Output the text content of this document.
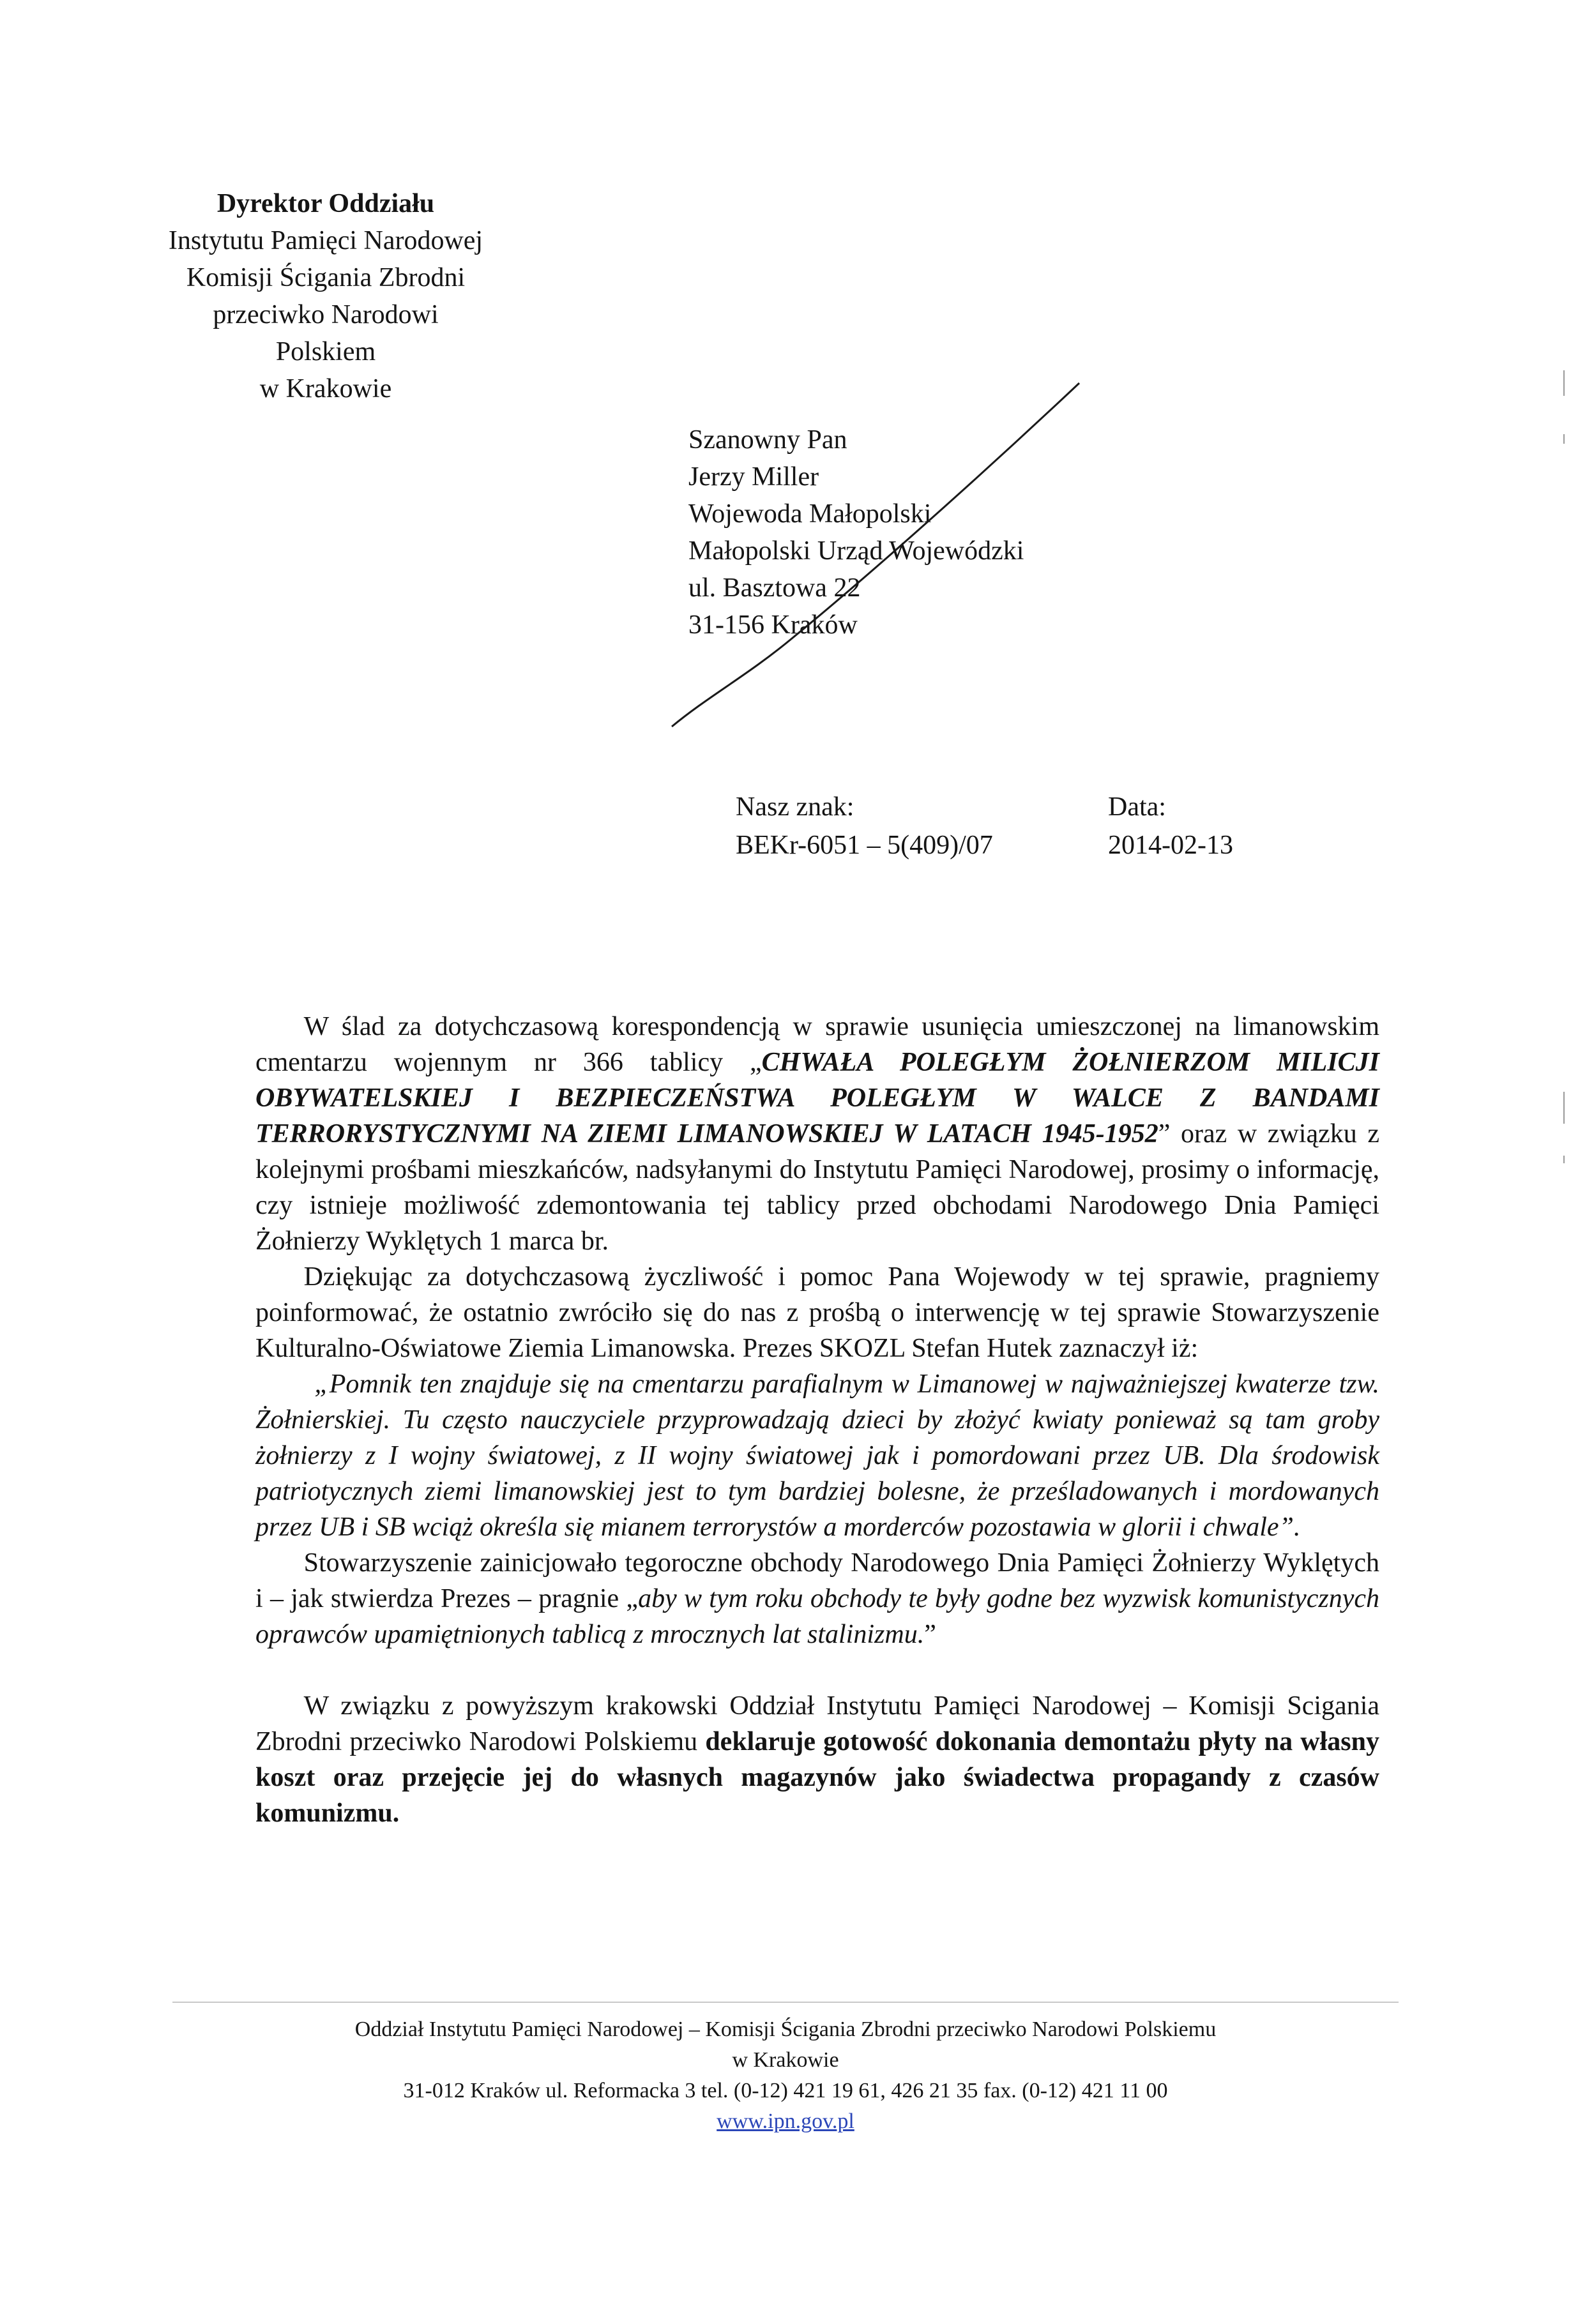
Dyrektor Oddziału
Instytutu Pamięci Narodowej
Komisji Ścigania Zbrodni
przeciwko Narodowi Polskiem
w Krakowie
Szanowny Pan
Jerzy Miller
Wojewoda Małopolski
Małopolski Urząd Wojewódzki
ul. Basztowa 22
31-156 Kraków
Nasz znak:
BEKr-6051 – 5(409)/07
Data:
2014-02-13

W ślad za dotychczasową korespondencją w sprawie usunięcia umieszczonej na limanowskim cmentarzu wojennym nr 366 tablicy „CHWAŁA POLEGŁYM ŻOŁNIERZOM MILICJI OBYWATELSKIEJ I BEZPIECZEŃSTWA POLEGŁYM W WALCE Z BANDAMI TERRORYSTYCZNYMI NA ZIEMI LIMANOWSKIEJ W LATACH 1945-1952” oraz w związku z kolejnymi prośbami mieszkańców, nadsyłanymi do Instytutu Pamięci Narodowej, prosimy o informację, czy istnieje możliwość zdemontowania tej tablicy przed obchodami Narodowego Dnia Pamięci Żołnierzy Wyklętych 1 marca br.

Dziękując za dotychczasową życzliwość i pomoc Pana Wojewody w tej sprawie, pragniemy poinformować, że ostatnio zwróciło się do nas z prośbą o interwencję w tej sprawie Stowarzyszenie Kulturalno-Oświatowe Ziemia Limanowska. Prezes SKOZL Stefan Hutek zaznaczył iż:

„Pomnik ten znajduje się na cmentarzu parafialnym w Limanowej w najważniejszej kwaterze tzw. Żołnierskiej. Tu często nauczyciele przyprowadzają dzieci by złożyć kwiaty ponieważ są tam groby żołnierzy z I wojny światowej, z II wojny światowej jak i pomordowani przez UB. Dla środowisk patriotycznych ziemi limanowskiej jest to tym bardziej bolesne, że prześladowanych i mordowanych przez UB i SB wciąż określa się mianem terrorystów a morderców pozostawia w glorii i chwale”.

Stowarzyszenie zainicjowało tegoroczne obchody Narodowego Dnia Pamięci Żołnierzy Wyklętych i – jak stwierdza Prezes – pragnie „aby w tym roku obchody te były godne bez wyzwisk komunistycznych oprawców upamiętnionych tablicą z mrocznych lat stalinizmu.”

W związku z powyższym krakowski Oddział Instytutu Pamięci Narodowej – Komisji Scigania Zbrodni przeciwko Narodowi Polskiemu deklaruje gotowość dokonania demontażu płyty na własny koszt oraz przejęcie jej do własnych magazynów jako świadectwa propagandy z czasów komunizmu.

Oddział Instytutu Pamięci Narodowej – Komisji Ścigania Zbrodni przeciwko Narodowi Polskiemu
w Krakowie
31-012 Kraków ul. Reformacka 3 tel. (0-12) 421 19 61, 426 21 35 fax. (0-12) 421 11 00
www.ipn.gov.pl
